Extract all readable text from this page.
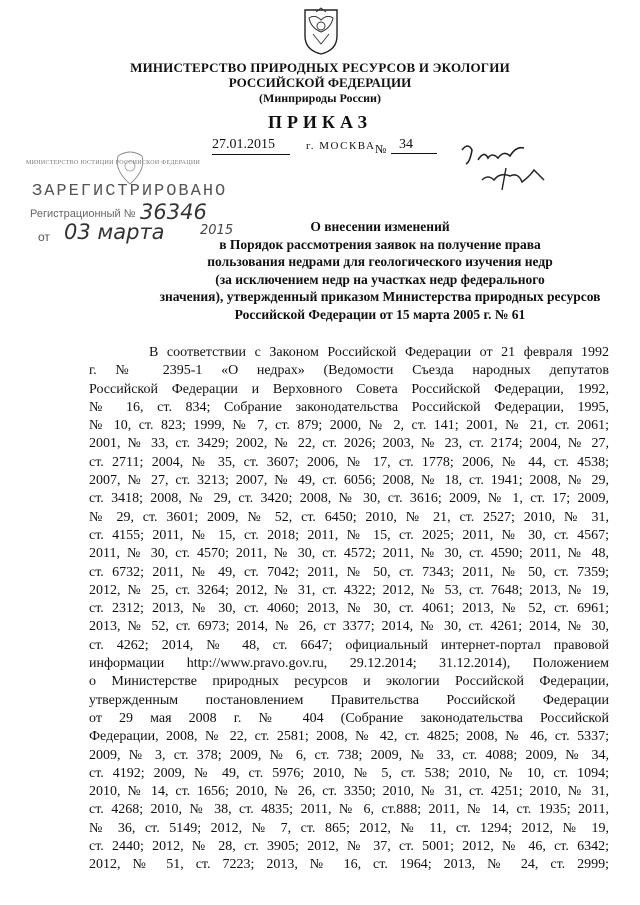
МИНИСТЕРСТВО ПРИРОДНЫХ РЕСУРСОВ И ЭКОЛОГИИ
РОССИЙСКОЙ ФЕДЕРАЦИИ
(Минприроды России)
ПРИКАЗ
27.01.2015	г. МОСКВА № 34
МИНИСТЕРСТВО ЮСТИЦИИ РОССИЙСКОЙ ФЕДЕРАЦИИ
ЗАРЕГИСТРИРОВАНО
Регистрационный № 36346
от 03 марта	2015	О внесении изменений
в Порядок рассмотрения заявок на получение права
пользования недрами для геологического изучения недр
(за исключением недр на участках недр федерального
значения), утвержденный приказом Министерства природных ресурсов
Российской Федерации от 15 марта 2005 г. № 61
В соответствии с Законом Российской Федерации от 21 февраля 1992
г. № 2395-1 «О недрах» (Ведомости Съезда народных депутатов
Российской Федерации и Верховного Совета Российской Федерации, 1992,
№ 16, ст. 834; Собрание законодательства Российской Федерации, 1995,
№ 10, ст. 823; 1999, № 7, ст. 879; 2000, № 2, ст. 141; 2001, № 21, ст. 2061;
2001, № 33, ст. 3429; 2002, № 22, ст. 2026; 2003, № 23, ст. 2174; 2004, № 27,
ст. 2711; 2004, № 35, ст. 3607; 2006, № 17, ст. 1778; 2006, № 44, ст. 4538;
2007, № 27, ст. 3213; 2007, № 49, ст. 6056; 2008, № 18, ст. 1941; 2008, № 29,
ст. 3418; 2008, № 29, ст. 3420; 2008, № 30, ст. 3616; 2009, № 1, ст. 17; 2009,
№ 29, ст. 3601; 2009, № 52, ст. 6450; 2010, № 21, ст. 2527; 2010, № 31,
ст. 4155; 2011, № 15, ст. 2018; 2011, № 15, ст. 2025; 2011, № 30, ст. 4567;
2011, № 30, ст. 4570; 2011, № 30, ст. 4572; 2011, № 30, ст. 4590; 2011, № 48,
ст. 6732; 2011, № 49, ст. 7042; 2011, № 50, ст. 7343; 2011, № 50, ст. 7359;
2012, № 25, ст. 3264; 2012, № 31, ст. 4322; 2012, № 53, ст. 7648; 2013, № 19,
ст. 2312; 2013, № 30, ст. 4060; 2013, № 30, ст. 4061; 2013, № 52, ст. 6961;
2013, № 52, ст. 6973; 2014, № 26, ст 3377; 2014, № 30, ст. 4261; 2014, № 30,
ст. 4262; 2014, № 48, ст. 6647; официальный интернет-портал правовой
информации http://www.pravo.gov.ru, 29.12.2014; 31.12.2014), Положением
о Министерстве природных ресурсов и экологии Российской Федерации,
утвержденным постановлением Правительства Российской Федерации
от 29 мая 2008 г. № 404 (Собрание законодательства Российской
Федерации, 2008, № 22, ст. 2581; 2008, № 42, ст. 4825; 2008, № 46, ст. 5337;
2009, № 3, ст. 378; 2009, № 6, ст. 738; 2009, № 33, ст. 4088; 2009, № 34,
ст. 4192; 2009, № 49, ст. 5976; 2010, № 5, ст. 538; 2010, № 10, ст. 1094;
2010, № 14, ст. 1656; 2010, № 26, ст. 3350; 2010, № 31, ст. 4251; 2010, № 31,
ст. 4268; 2010, № 38, ст. 4835; 2011, № 6, ст.888; 2011, № 14, ст. 1935; 2011,
№ 36, ст. 5149; 2012, № 7, ст. 865; 2012, № 11, ст. 1294; 2012, № 19,
ст. 2440; 2012, № 28, ст. 3905; 2012, № 37, ст. 5001; 2012, № 46, ст. 6342;
2012, № 51, ст. 7223; 2013, № 16, ст. 1964; 2013, № 24, ст. 2999;
